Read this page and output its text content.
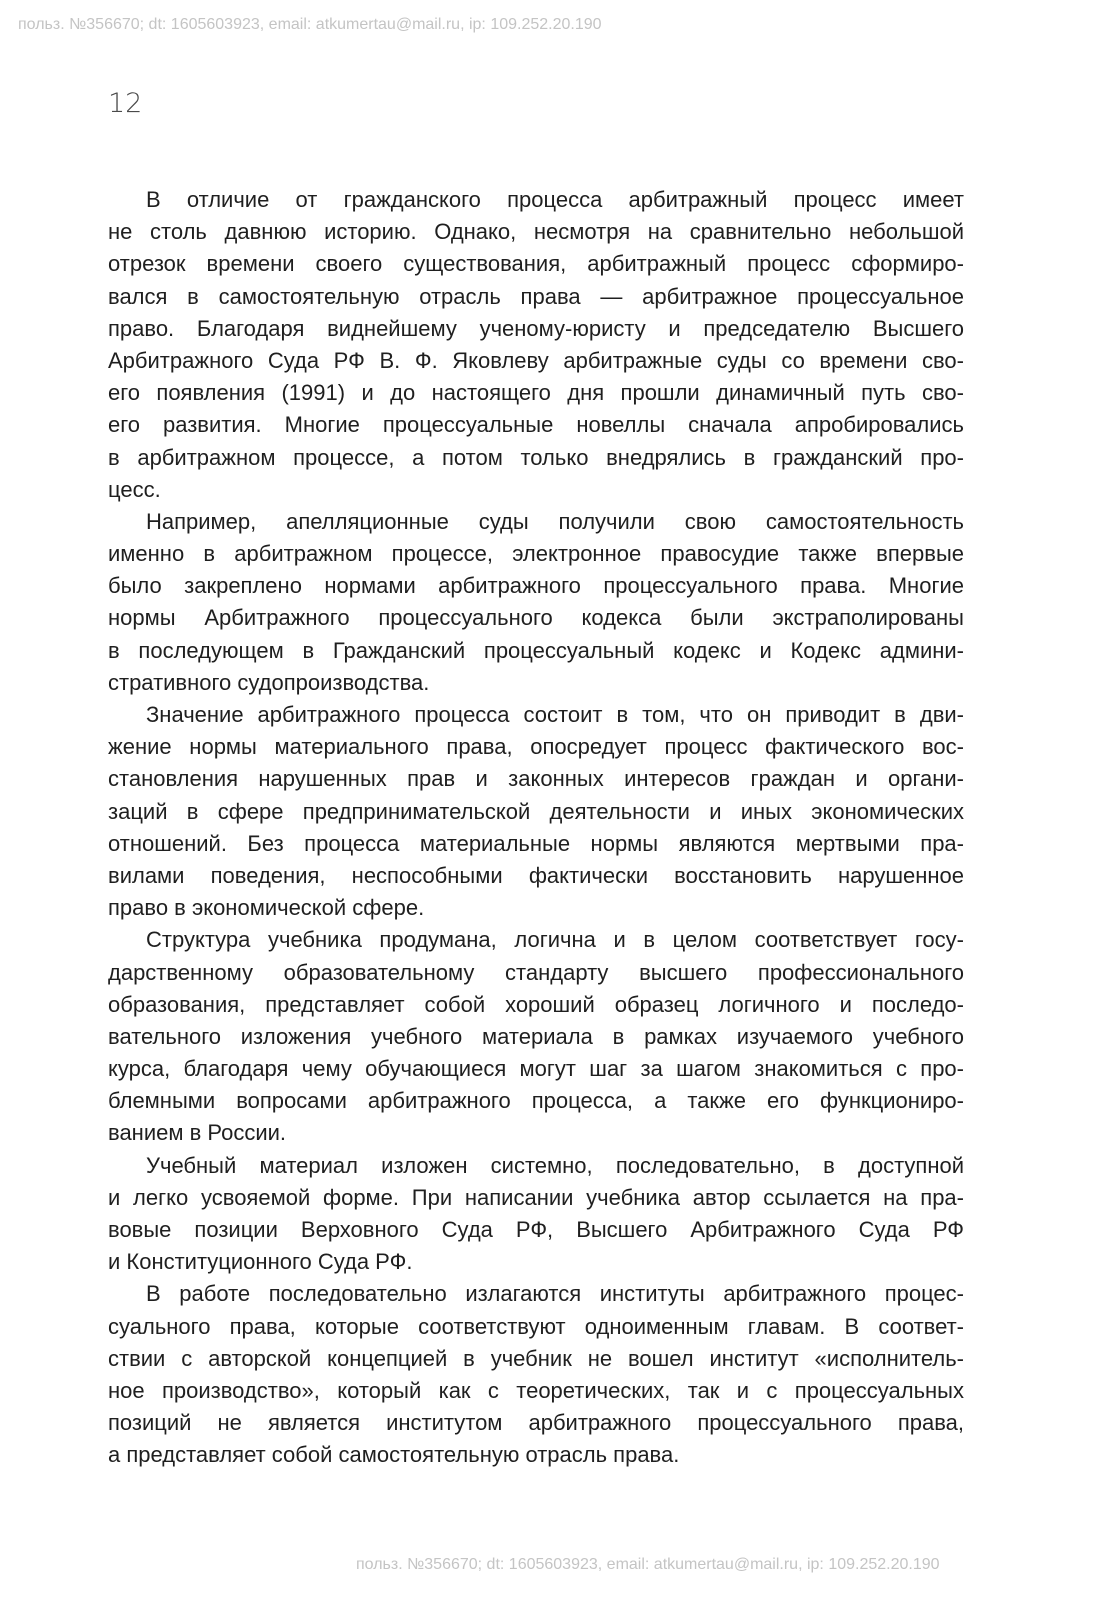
польз. №356670; dt: 1605603923, email: atkumertau@mail.ru, ip: 109.252.20.190
12
В отличие от гражданского процесса арбитражный процесс имеет
не столь давнюю историю. Однако, несмотря на сравнительно небольшой
отрезок времени своего существования, арбитражный процесс сформиро-
вался в самостоятельную отрасль права — арбитражное процессуальное
право. Благодаря виднейшему ученому-юристу и председателю Высшего
Арбитражного Суда РФ В. Ф. Яковлеву арбитражные суды со времени сво-
его появления (1991) и до настоящего дня прошли динамичный путь сво-
его развития. Многие процессуальные новеллы сначала апробировались
в арбитражном процессе, а потом только внедрялись в гражданский про-
цесс.
Например, апелляционные суды получили свою самостоятельность
именно в арбитражном процессе, электронное правосудие также впервые
было закреплено нормами арбитражного процессуального права. Многие
нормы Арбитражного процессуального кодекса были экстраполированы
в последующем в Гражданский процессуальный кодекс и Кодекс админи-
стративного судопроизводства.
Значение арбитражного процесса состоит в том, что он приводит в дви-
жение нормы материального права, опосредует процесс фактического вос-
становления нарушенных прав и законных интересов граждан и органи-
заций в сфере предпринимательской деятельности и иных экономических
отношений. Без процесса материальные нормы являются мертвыми пра-
вилами поведения, неспособными фактически восстановить нарушенное
право в экономической сфере.
Структура учебника продумана, логична и в целом соответствует госу-
дарственному образовательному стандарту высшего профессионального
образования, представляет собой хороший образец логичного и последо-
вательного изложения учебного материала в рамках изучаемого учебного
курса, благодаря чему обучающиеся могут шаг за шагом знакомиться с про-
блемными вопросами арбитражного процесса, а также его функциониро-
ванием в России.
Учебный материал изложен системно, последовательно, в доступной
и легко усвояемой форме. При написании учебника автор ссылается на пра-
вовые позиции Верховного Суда РФ, Высшего Арбитражного Суда РФ
и Конституционного Суда РФ.
В работе последовательно излагаются институты арбитражного процес-
суального права, которые соответствуют одноименным главам. В соответ-
ствии с авторской концепцией в учебник не вошел институт «исполнитель-
ное производство», который как с теоретических, так и с процессуальных
позиций не является институтом арбитражного процессуального права,
а представляет собой самостоятельную отрасль права.
польз. №356670; dt: 1605603923, email: atkumertau@mail.ru, ip: 109.252.20.190
